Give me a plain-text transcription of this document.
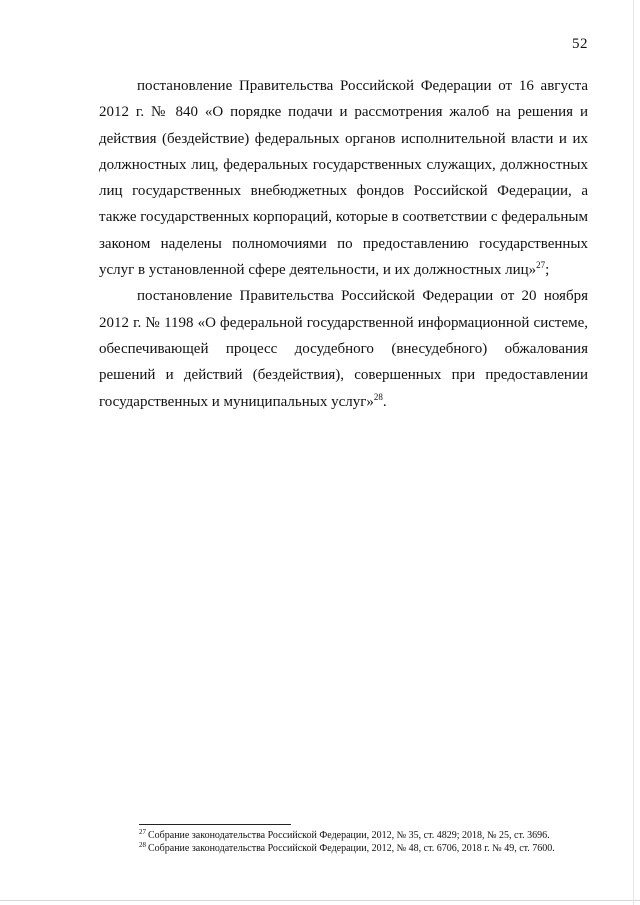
52

постановление Правительства Российской Федерации от 16 августа 2012 г. № 840 «О порядке подачи и рассмотрения жалоб на решения и действия (бездействие) федеральных органов исполнительной власти и их должностных лиц, федеральных государственных служащих, должностных лиц государственных внебюджетных фондов Российской Федерации, а также государственных корпораций, которые в соответствии с федеральным законом наделены полномочиями по предоставлению государственных услуг в установленной сфере деятельности, и их должностных лиц»$^{27}$;

постановление Правительства Российской Федерации от 20 ноября 2012 г. № 1198 «О федеральной государственной информационной системе, обеспечивающей процесс досудебного (внесудебного) обжалования решений и действий (бездействия), совершенных при предоставлении государственных и муниципальных услуг»$^{28}$.

$^{27}$ Собрание законодательства Российской Федерации, 2012, № 35, ст. 4829; 2018, № 25, ст. 3696.

$^{28}$ Собрание законодательства Российской Федерации, 2012, № 48, ст. 6706, 2018 г. № 49, ст. 7600.
